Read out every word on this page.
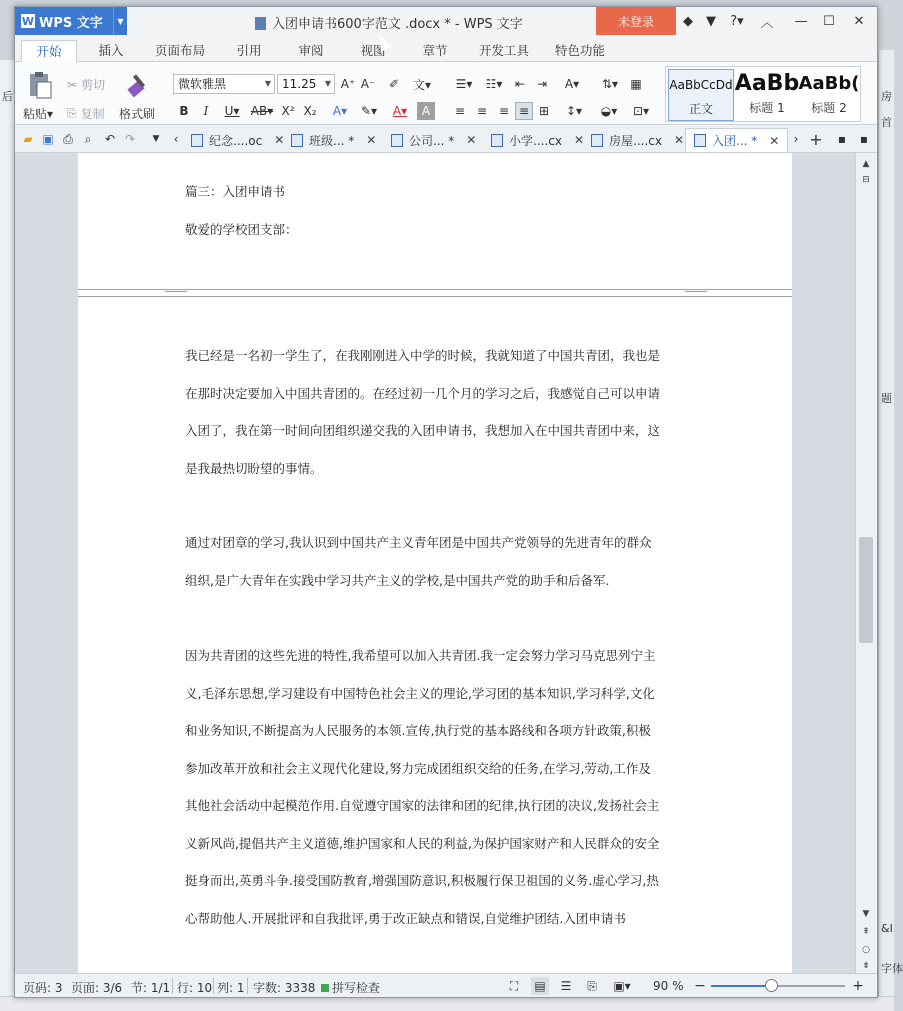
后	房
首
题
&I
字体
W WPS 文字	▼	入团申请书600字范文 .docx * - WPS 文字	未登录	◆ ▼ ?▾ ︿ — ☐ ✕
开始	插入	页面布局	引用	审阅	视图	章节	开发工具	特色功能
粘贴 ▾
✂ 剪切
⎘ 复制 格式刷
微软雅黑	▼ 11.25	▼ A⁺ A⁻	✐	文▾
B	I	U▾ AB▾ X² X₂	A▾	✎▾	A▾	A
☰▾	☷▾	⇤ ⇥	A▾	⇅▾	▦
≡ ≡ ≡ ≡ ⊞	↕▾	◒▾	⊡▾
AaBbCcDd
正文
AaBb
标题 1
AaBb(
标题 2
▰ ▣ ⎙ ⌕	↶ ↷	▼	‹	纪念....oc ✕ 班级... * ✕	公司... * ✕	小学....cx ✕ 房屋....cx ✕ 入团... * ✕	› +	▪	▪
篇三：入团申请书
敬爱的学校团支部：
我已经是一名初一学生了，在我刚刚进入中学的时候，我就知道了中国共青团，我也是
在那时决定要加入中国共青团的。在经过初一几个月的学习之后，我感觉自己可以申请
入团了，我在第一时间向团组织递交我的入团申请书，我想加入在中国共青团中来，这
是我最热切盼望的事情。
通过对团章的学习,我认识到中国共产主义青年团是中国共产党领导的先进青年的群众
组织,是广大青年在实践中学习共产主义的学校,是中国共产党的助手和后备军.
因为共青团的这些先进的特性,我希望可以加入共青团.我一定会努力学习马克思列宁主
义,毛泽东思想,学习建设有中国特色社会主义的理论,学习团的基本知识,学习科学,文化
和业务知识,不断提高为人民服务的本领.宣传,执行党的基本路线和各项方针政策,积极
参加改革开放和社会主义现代化建设,努力完成团组织交给的任务,在学习,劳动,工作及
其他社会活动中起模范作用.自觉遵守国家的法律和团的纪律,执行团的决议,发扬社会主
义新风尚,提倡共产主义道德,维护国家和人民的利益,为保护国家财产和人民群众的安全
挺身而出,英勇斗争.接受国防教育,增强国防意识,积极履行保卫祖国的义务.虚心学习,热
心帮助他人.开展批评和自我批评,勇于改正缺点和错误,自觉维护团结.入团申请书
▲
⊟
▼
⇞
○
⇟
页码: 3 页面: 3/6 节: 1/1 行: 10 列: 1 字数: 3338	拼写检查	⛶	▤	☰	⎘	▣▾	90 % −	+
